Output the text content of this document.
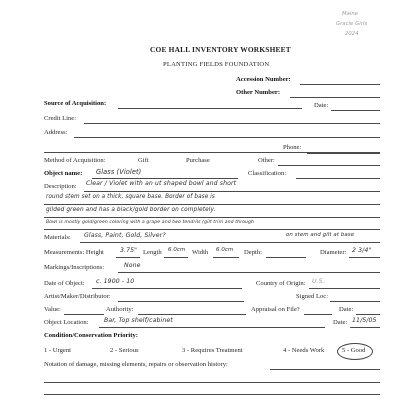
Maine
Gracie Girls
2024
COE HALL INVENTORY WORKSHEET
PLANTING FIELDS FOUNDATION
Accession Number:
Other Number:
Source of Acquisition:	Date:
Credit Line:
Address:
Phone:
Method of Acquisition:	Gift	Purchase	Other:
Object name: Glass (Violet)	Classification:
Description: Clear / Violet with an ut shaped bowl and short
round stem set on a thick, square base. Border of base is
gilded green and has a black/gold border on completely.
Bowl is mostly gold/green coloring with a grape and two tendrils (gilt trim and through
Materials: Glass, Paint, Gold, Silver?	on stem and gilt at base
Measurements: Height	3.75" Length 6.0cm Width 6.0cm Depth:	Diameter: 2 3/4"
Markings/Inscriptions:	None
Date of Object: c. 1900 - 10	Country of Origin: U.S.
Artist/Maker/Distributor:	Signed Loc:
Value:	Authority:	Appraisal on File?	Date:
Object Location:	Bar, Top shelf/cabinet	Date: 11/5/05
Condition/Conservation Priority:
1 - Urgent	2 - Serious	3 - Requires Treatment	4 - Needs Work	5 - Good
Notation of damage, missing elements, repairs or observation history:
